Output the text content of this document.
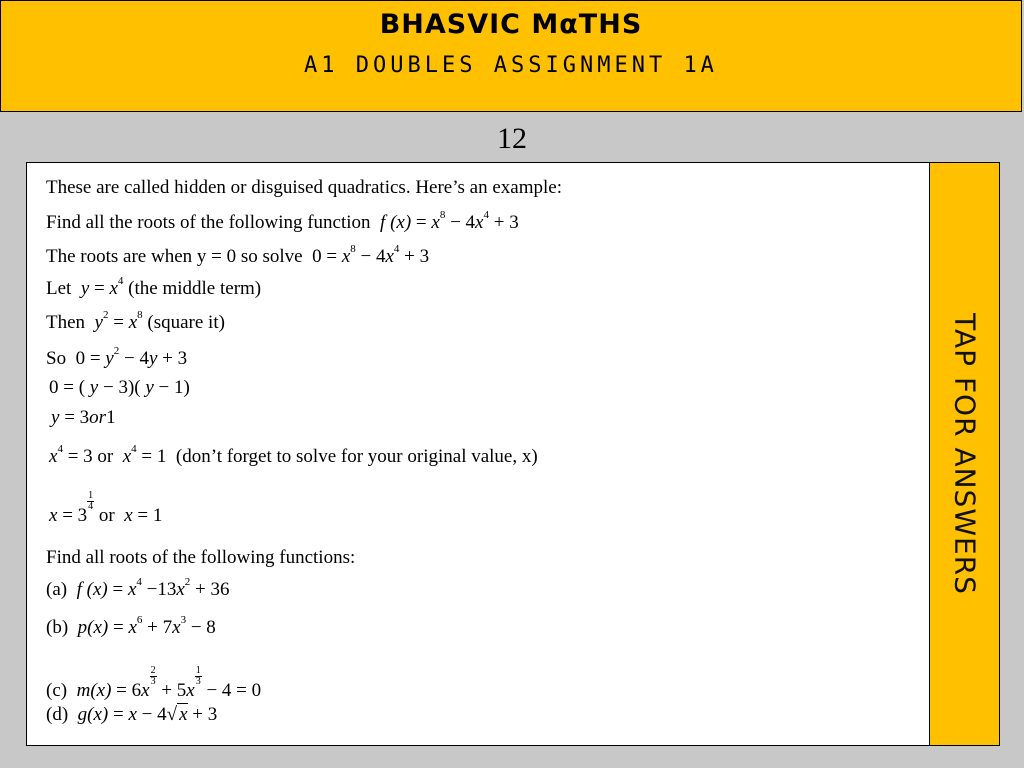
BHASVIC MαTHS
A1 DOUBLES ASSIGNMENT 1A
12
These are called hidden or disguised quadratics. Here’s an example:
Find all the roots of the following function  f $(x) = x^8 - 4x^4 + 3$
The roots are when y = 0 so solve  $0 = x^8 - 4x^4 + 3$
Let $y = x^4$ (the middle term)
Then $y^2 = x^8$ (square it)
So  $0 = y^2 - 4y + 3$
0 = ( y − 3)( y − 1)
y = 3or1
$x^4 = 3$ or $x^4 = 1$  (don’t forget to solve for your original value, x)
x = 3
$\frac{1}{4}$
or x = 1
Find all roots of the following functions:
(a)  f $(x) = x^4 -13x^2 + 36$
(b)  $p(x) = x^6 + 7x^3 - 8$
(c)  m(x) = 6x
$\frac{2}{3}$
+ 5x
$\frac{1}{3}$
− 4 = 0
(d)  g(x) = x − 4√ x + 3
TAP FOR ANSWERS
